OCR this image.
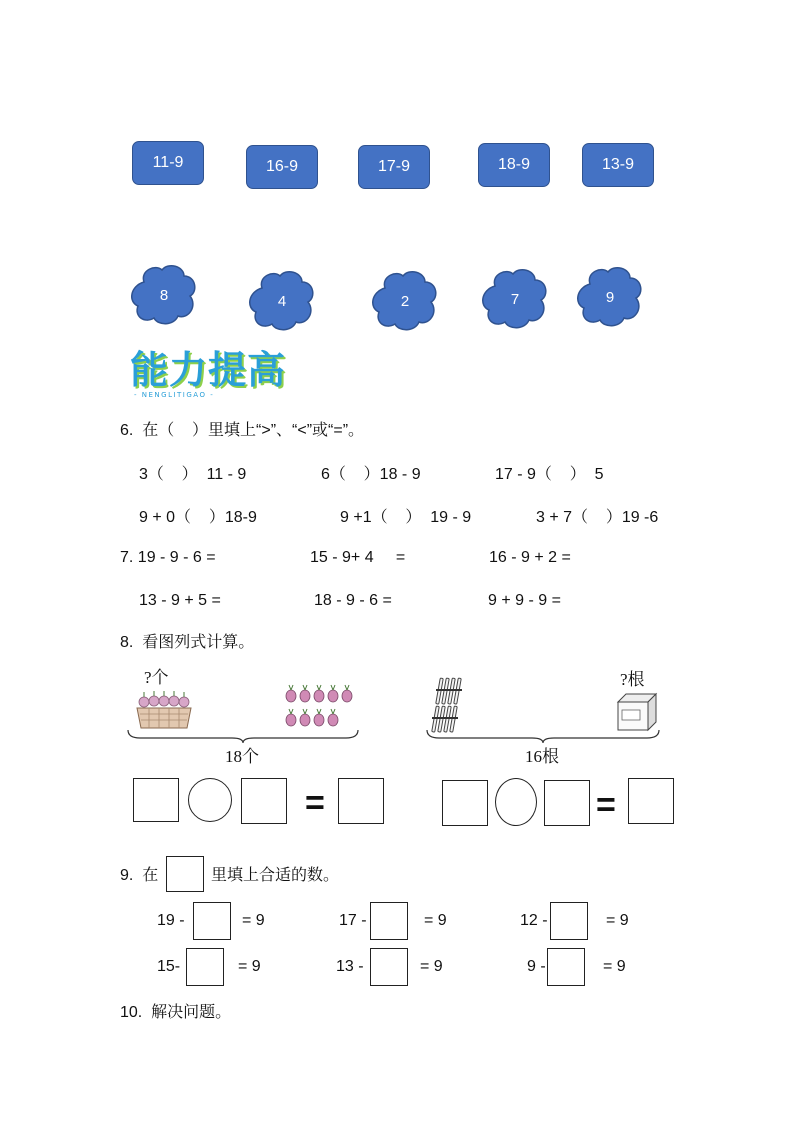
11-9	16-9	17-9	18-9	13-9
8	4	2	7	9
能力提高
- NENGLITIGAO -
6.  在（    ）里填上“>”、“<”或“=”。
3（    ）  11 - 9	6（    ）18 - 9	17 - 9（    ）  5
9 + 0（    ）18-9	9 +1（    ）  19 - 9	3 + 7（    ）19 -6
7. 19 - 9 - 6 =	15 - 9+ 4     =	16 - 9 + 2 =
13 - 9 + 5 =	18 - 9 - 6 =	9 + 9 - 9 =
8.  看图列式计算。
?个
18个
=
?根
16根
=
9.  在	里填上合适的数。
19 -	= 9	17 -	= 9	12 -	= 9
15-	= 9	13 -	= 9	9 -	= 9
10.  解决问题。
